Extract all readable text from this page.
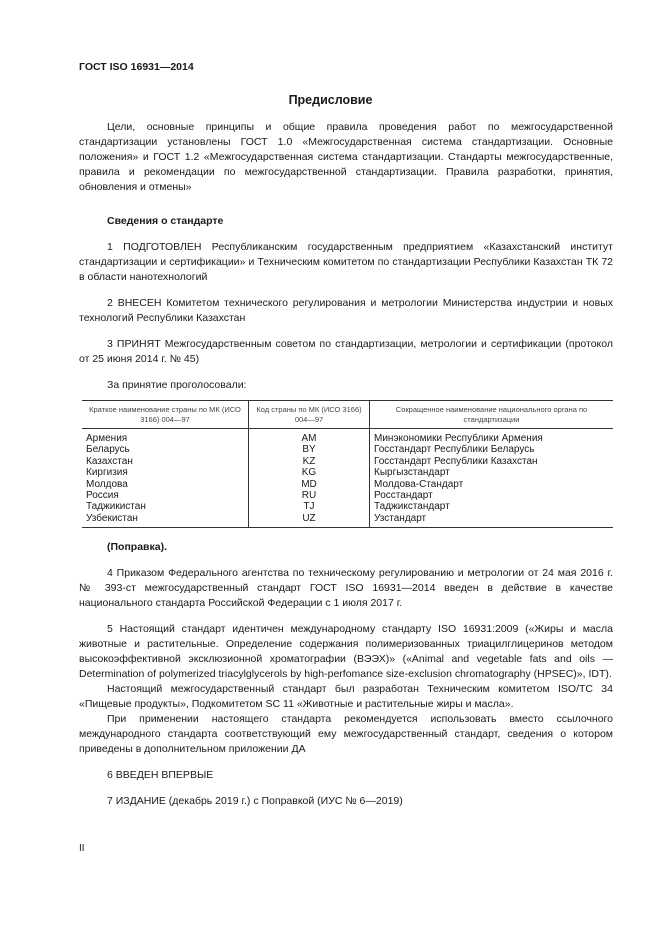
ГОСТ ISO 16931—2014
Предисловие

Цели, основные принципы и общие правила проведения работ по межгосударственной стандартизации установлены ГОСТ 1.0 «Межгосударственная система стандартизации. Основные положения» и ГОСТ 1.2 «Межгосударственная система стандартизации. Стандарты межгосударственные, правила и рекомендации по межгосударственной стандартизации. Правила разработки, принятия, обновления и отмены»

Сведения о стандарте

1 ПОДГОТОВЛЕН Республиканским государственным предприятием «Казахстанский институт стандартизации и сертификации» и Техническим комитетом по стандартизации Республики Казахстан ТК 72 в области нанотехнологий

2 ВНЕСЕН Комитетом технического регулирования и метрологии Министерства индустрии и новых технологий Республики Казахстан

3 ПРИНЯТ Межгосударственным советом по стандартизации, метрологии и сертификации (протокол от 25 июня 2014 г. № 45)

За принятие проголосовали:

Краткое наименование страны по МК (ИСО 3166) 004—97	Код страны по МК (ИСО 3166) 004—97	Сокращенное наименование национального органа по стандартизации
Армения	AM	Минэкономики Республики Армения
Беларусь	BY	Госстандарт Республики Беларусь
Казахстан	KZ	Госстандарт Республики Казахстан
Киргизия	KG	Кыргызстандарт
Молдова	MD	Молдова-Стандарт
Россия	RU	Росстандарт
Таджикистан	TJ	Таджикстандарт
Узбекистан	UZ	Узстандарт

(Поправка).

4 Приказом Федерального агентства по техническому регулированию и метрологии от 24 мая 2016 г. № 393-ст межгосударственный стандарт ГОСТ ISO 16931—2014 введен в действие в качестве национального стандарта Российской Федерации с 1 июля 2017 г.

5 Настоящий стандарт идентичен международному стандарту ISO 16931:2009 («Жиры и масла животные и растительные. Определение содержания полимеризованных триацилглицеринов методом высокоэффективной эксклюзионной хроматографии (ВЭЭХ)» («Animal and vegetable fats and oils — Determination of polymerized triacylglycerols by high-perfomance size-exclusion chromatography (HPSEC)», IDT).

Настоящий межгосударственный стандарт был разработан Техническим комитетом ISO/TC 34 «Пищевые продукты», Подкомитетом SC 11 «Животные и растительные жиры и масла».

При применении настоящего стандарта рекомендуется использовать вместо ссылочного международного стандарта соответствующий ему межгосударственный стандарт, сведения о котором приведены в дополнительном приложении ДА

6 ВВЕДЕН ВПЕРВЫЕ

7 ИЗДАНИЕ (декабрь 2019 г.) с Поправкой (ИУС № 6—2019)

II
